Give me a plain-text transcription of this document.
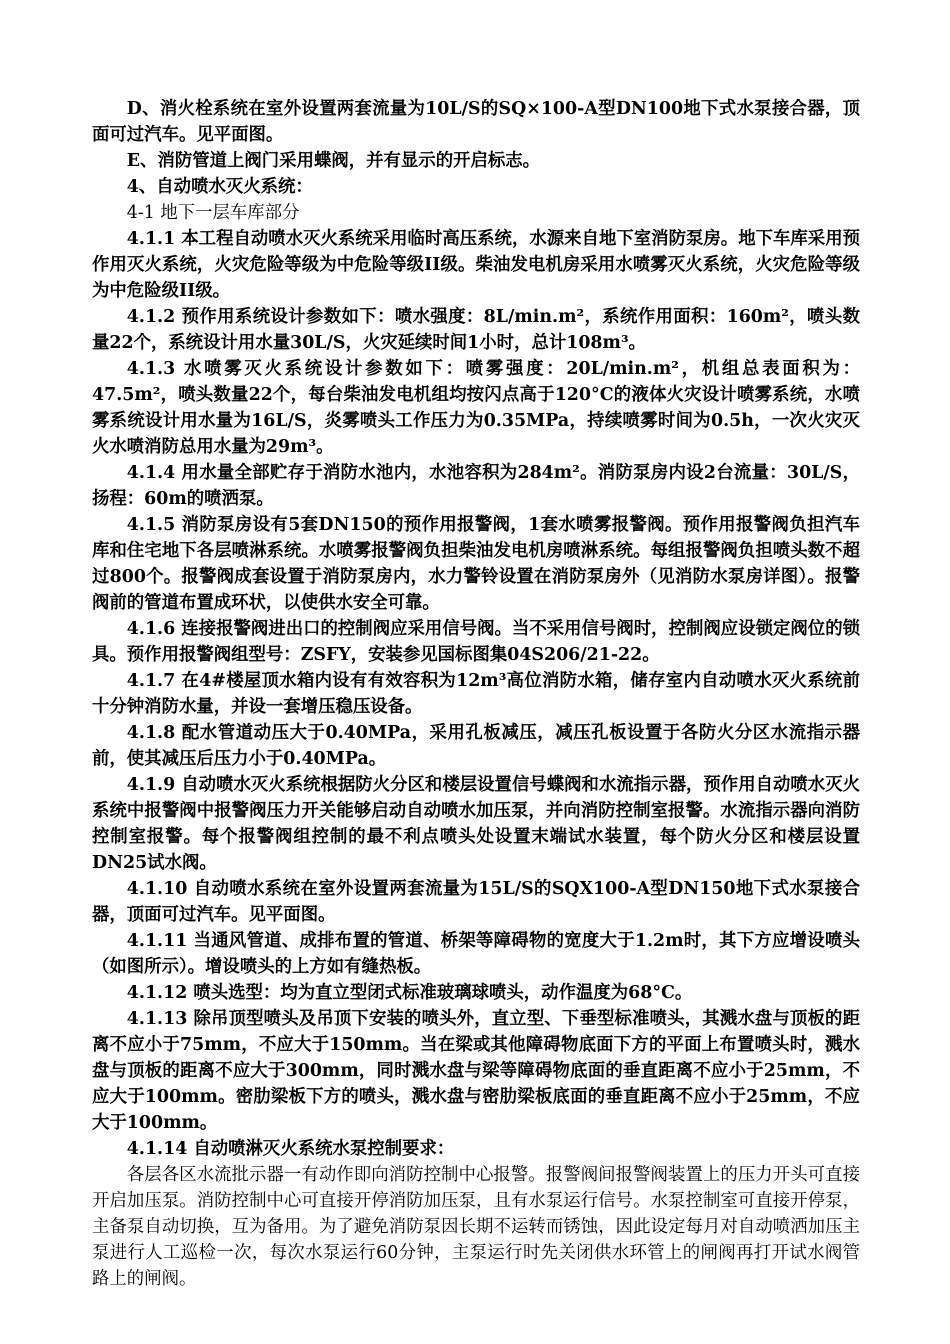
D、消火栓系统在室外设置两套流量为10L/S的SQ×100-A型DN100地下式水泵接合器，顶面可过汽车。见平面图。

E、消防管道上阀门采用蝶阀，并有显示的开启标志。

4、自动喷水灭火系统：

4-1 地下一层车库部分

4.1.1 本工程自动喷水灭火系统采用临时高压系统，水源来自地下室消防泵房。地下车库采用预作用灭火系统，火灾危险等级为中危险等级II级。柴油发电机房采用水喷雾灭火系统，火灾危险等级为中危险级II级。

4.1.2 预作用系统设计参数如下：喷水强度：8L/min.m²，系统作用面积：160m²，喷头数量22个，系统设计用水量30L/S，火灾延续时间1小时，总计108m³。

4.1.3 水喷雾灭火系统设计参数如下：喷雾强度：20L/min.m²，机组总表面积为：47.5m²，喷头数量22个，每台柴油发电机组均按闪点高于120°C的液体火灾设计喷雾系统，水喷雾系统设计用水量为16L/S，炎雾喷头工作压力为0.35MPa，持续喷雾时间为0.5h，一次火灾灭火水喷消防总用水量为29m³。

4.1.4 用水量全部贮存于消防水池内，水池容积为284m²。消防泵房内设2台流量：30L/S，扬程：60m的喷洒泵。

4.1.5 消防泵房设有5套DN150的预作用报警阀，1套水喷雾报警阀。预作用报警阀负担汽车库和住宅地下各层喷淋系统。水喷雾报警阀负担柴油发电机房喷淋系统。每组报警阀负担喷头数不超过800个。报警阀成套设置于消防泵房内，水力警铃设置在消防泵房外（见消防水泵房详图）。报警阀前的管道布置成环状，以使供水安全可靠。

4.1.6 连接报警阀进出口的控制阀应采用信号阀。当不采用信号阀时，控制阀应设锁定阀位的锁具。预作用报警阀组型号：ZSFY，安装参见国标图集04S206/21-22。

4.1.7 在4#楼屋顶水箱内设有有效容积为12m³高位消防水箱，储存室内自动喷水灭火系统前十分钟消防水量，并设一套增压稳压设备。

4.1.8 配水管道动压大于0.40MPa，采用孔板减压，减压孔板设置于各防火分区水流指示器前，使其减压后压力小于0.40MPa。

4.1.9 自动喷水灭火系统根据防火分区和楼层设置信号蝶阀和水流指示器，预作用自动喷水灭火系统中报警阀中报警阀压力开关能够启动自动喷水加压泵，并向消防控制室报警。水流指示器向消防控制室报警。每个报警阀组控制的最不利点喷头处设置末端试水装置，每个防火分区和楼层设置DN25试水阀。

4.1.10 自动喷水系统在室外设置两套流量为15L/S的SQX100-A型DN150地下式水泵接合器，顶面可过汽车。见平面图。

4.1.11 当通风管道、成排布置的管道、桥架等障碍物的宽度大于1.2m时，其下方应增设喷头（如图所示）。增设喷头的上方如有缝热板。

4.1.12 喷头选型：均为直立型闭式标准玻璃球喷头，动作温度为68°C。

4.1.13 除吊顶型喷头及吊顶下安装的喷头外，直立型、下垂型标准喷头，其溅水盘与顶板的距离不应小于75mm，不应大于150mm。当在梁或其他障碍物底面下方的平面上布置喷头时，溅水盘与顶板的距离不应大于300mm，同时溅水盘与梁等障碍物底面的垂直距离不应小于25mm，不应大于100mm。密肋梁板下方的喷头，溅水盘与密肋梁板底面的垂直距离不应小于25mm，不应大于100mm。

4.1.14 自动喷淋灭火系统水泵控制要求：

各层各区水流批示器一有动作即向消防控制中心报警。报警阀间报警阀装置上的压力开头可直接开启加压泵。消防控制中心可直接开停消防加压泵，且有水泵运行信号。水泵控制室可直接开停泵，主备泵自动切换，互为备用。为了避免消防泵因长期不运转而锈蚀，因此设定每月对自动喷洒加压主泵进行人工巡检一次，每次水泵运行60分钟，主泵运行时先关闭供水环管上的闸阀再打开试水阀管路上的闸阀。
